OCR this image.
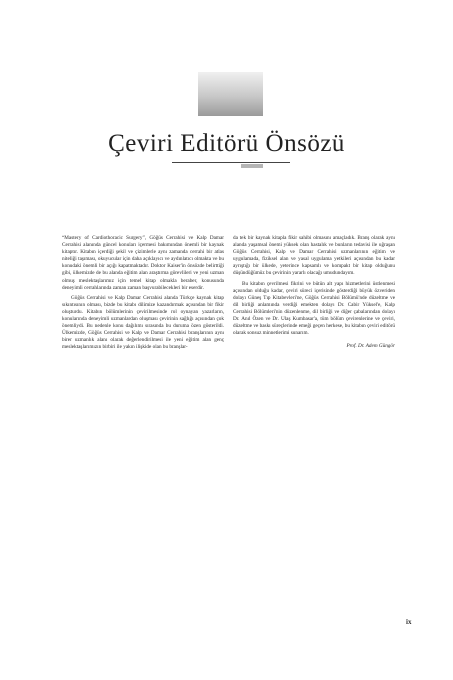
Çeviri Editörü Önsözü

“Mastery of Cardiothoracic Surgery”, Göğüs Cerrahisi ve Kalp Damar Cerrahisi alanında güncel konuları içermesi bakımından önemli bir kaynak kitaptır. Kitabın içerdiği şekil ve çizimlerle aynı zamanda cerrahi bir atlas niteliği taşıması, okuyucular için daha açıklayıcı ve aydınlatıcı olmakta ve bu konudaki önemli bir açığı kapatmaktadır. Doktor Kaiser'in önsözde belirttiği gibi, ülkemizde de bu alanda eğitim alan araştırma görevlileri ve yeni uzman olmuş meslektaşlarımız için temel kitap olmakla beraber, konusunda deneyimli cerrahlarında zaman zaman başvurabilecekleri bir eserdir.

Göğüs Cerrahisi ve Kalp Damar Cerrahisi alanda Türkçe kaynak kitap sıkıntısının olması, bizde bu kitabı dilimize kazandırmak açısından bir fikir oluşturdu. Kitabın bölümlerinin çevirilmesinde rol oynayan yazarların, konularında deneyimli uzmanlardan oluşması çevirinin sağlığı açısından çok önemliydi. Bu nedenle konu dağılımı sırasında bu duruma özen gösterildi. Ülkemizde, Göğüs Cerrahisi ve Kalp ve Damar Cerrahisi branşlarının aynı birer uzmanlık alanı olarak değerlendirilmesi ile yeni eğitim alan genç meslektaşlarımızın birbiri ile yakın ilişkide olan bu branşlar-

da tek bir kaynak kitapla fikir sahibi olmasını amaçladık. Branş olarak aynı alanda yaşamsal önemi yüksek olan hastalık ve bunların tedavisi ile uğraşan Göğüs Cerrahisi, Kalp ve Damar Cerrahisi uzmanlarının eğitim ve uygulamada, fiziksel alan ve yasal uygulama yetkileri açısından bu kadar ayrıştığı bir ülkede, yeterince kapsamlı ve kompakt bir kitap olduğunu düşündüğümüz bu çevirinin yararlı olacağı umudundayım.

Bu kitabın çevrilmesi fikrini ve bütün alt yapı hizmetlerini üstlenmesi açısından olduğu kadar, çeviri süreci içerisinde gösterdiği büyük özveriden dolayı Güneş Tıp Kitabevleri'ne, Göğüs Cerrahisi Bölümü'nde düzeltme ve dil birliği anlamında verdiği emekten dolayı Dr. Cabir Yüksel'e, Kalp Cerrahisi Bölümleri'nin düzenlenme, dil birliği ve diğer çabalarından dolayı Dr. Anıl Özen ve Dr. Ulaş Kumbasar'a, tüm bölüm çevirenlerine ve çeviri, düzeltme ve baskı süreçlerinde emeği geçen herkese, bu kitabın çeviri editörü olarak sonsuz minnetlerimi sunarım.

Prof. Dr. Adem Güngör
ix
